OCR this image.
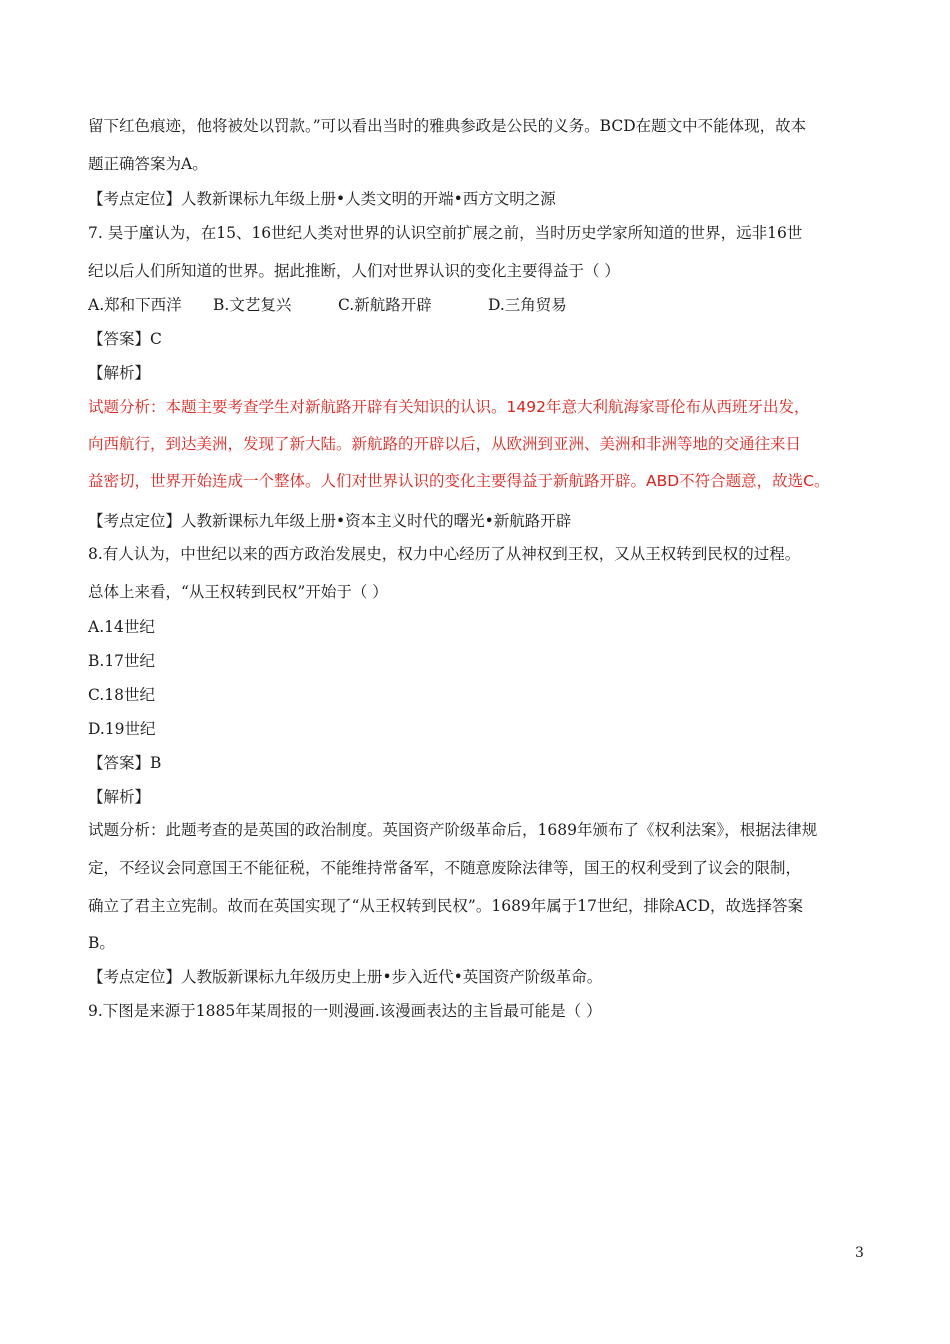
留下红色痕迹，他将被处以罚款。”可以看出当时的雅典参政是公民的义务。BCD在题文中不能体现，故本
题正确答案为A。
【考点定位】人教新课标九年级上册•人类文明的开端•西方文明之源
7. 吴于廑认为，在15、16世纪人类对世界的认识空前扩展之前，当时历史学家所知道的世界，远非16世
纪以后人们所知道的世界。据此推断，人们对世界认识的变化主要得益于（ ）
A.郑和下西洋 B.文艺复兴	C.新航路开辟	D.三角贸易
【答案】C
【解析】
试题分析：本题主要考查学生对新航路开辟有关知识的认识。1492年意大利航海家哥伦布从西班牙出发，
向西航行，到达美洲，发现了新大陆。新航路的开辟以后，从欧洲到亚洲、美洲和非洲等地的交通往来日
益密切，世界开始连成一个整体。人们对世界认识的变化主要得益于新航路开辟。ABD不符合题意，故选C。
【考点定位】人教新课标九年级上册•资本主义时代的曙光•新航路开辟
8.有人认为，中世纪以来的西方政治发展史，权力中心经历了从神权到王权，又从王权转到民权的过程。
总体上来看，“从王权转到民权”开始于（ ）
A.14世纪
B.17世纪
C.18世纪
D.19世纪
【答案】B
【解析】
试题分析：此题考查的是英国的政治制度。英国资产阶级革命后，1689年颁布了《权利法案》，根据法律规
定，不经议会同意国王不能征税，不能维持常备军，不随意废除法律等，国王的权利受到了议会的限制，
确立了君主立宪制。故而在英国实现了“从王权转到民权”。1689年属于17世纪，排除ACD，故选择答案
B。
【考点定位】人教版新课标九年级历史上册•步入近代•英国资产阶级革命。
9.下图是来源于1885年某周报的一则漫画.该漫画表达的主旨最可能是（ ）
3
